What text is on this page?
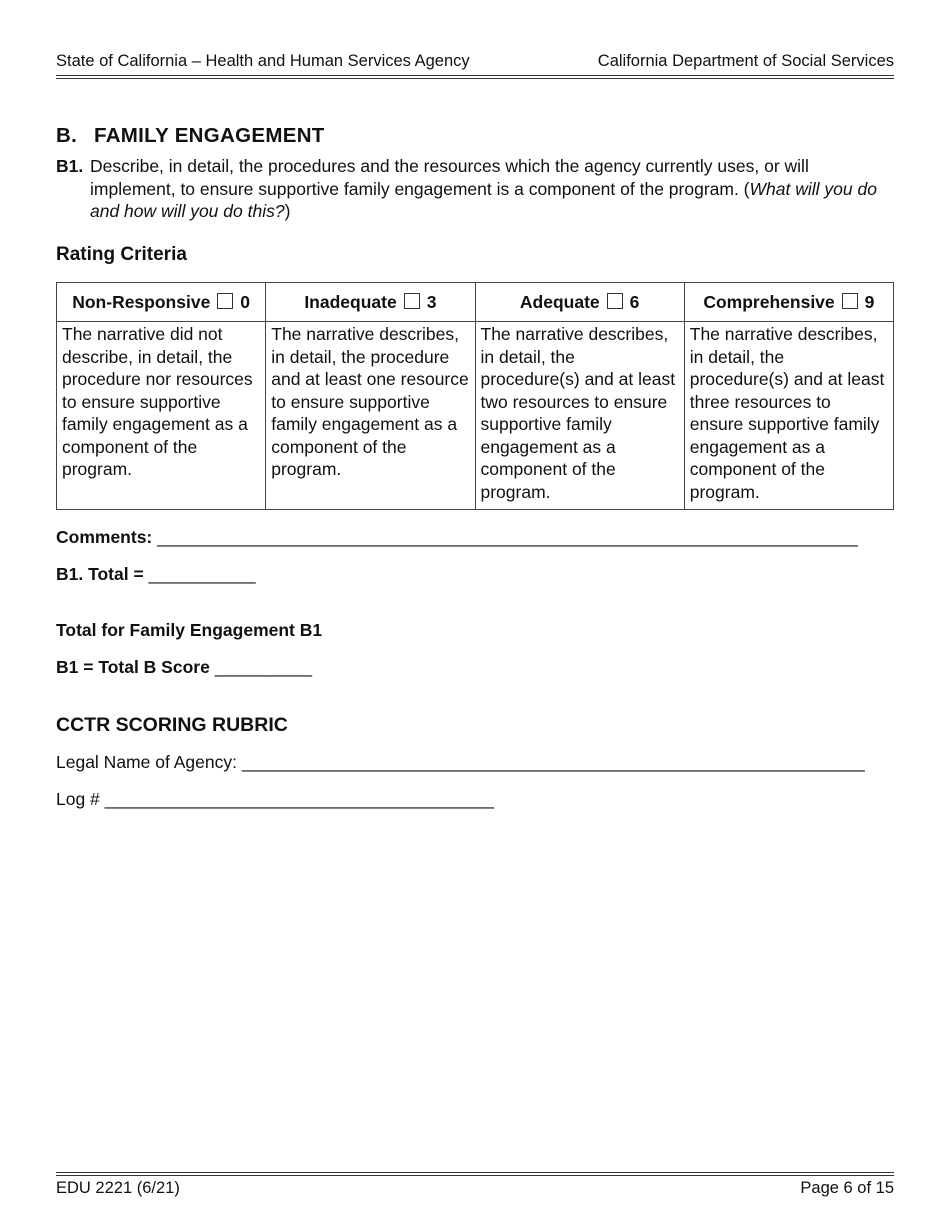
State of California – Health and Human Services Agency	California Department of Social Services
B. FAMILY ENGAGEMENT
B1. Describe, in detail, the procedures and the resources which the agency currently uses, or will implement, to ensure supportive family engagement is a component of the program. (What will you do and how will you do this?)
Rating Criteria
Non-Responsive 0	Inadequate 3	Adequate 6	Comprehensive 9
The narrative did not describe, in detail, the procedure nor resources to ensure supportive family engagement as a component of the program.	The narrative describes, in detail, the procedure and at least one resource to ensure supportive family engagement as a component of the program.	The narrative describes, in detail, the procedure(s) and at least two resources to ensure supportive family engagement as a component of the program.	The narrative describes, in detail, the procedure(s) and at least three resources to ensure supportive family engagement as a component of the program.
Comments: ________________________________________________________________________
B1. Total = ___________
Total for Family Engagement B1
B1 = Total B Score __________
CCTR SCORING RUBRIC
Legal Name of Agency: ________________________________________________________________
Log # ________________________________________
EDU 2221 (6/21)	Page 6 of 15
